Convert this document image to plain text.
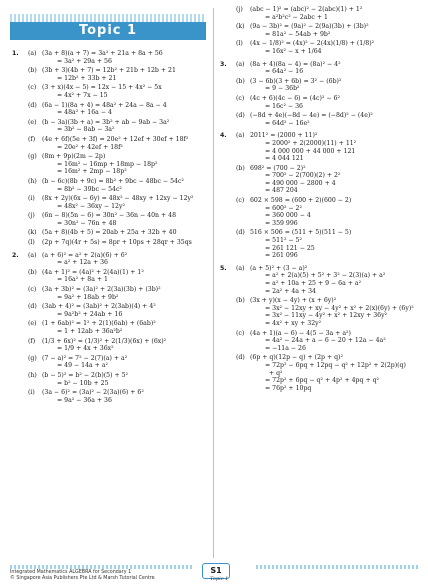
Topic 1
1.	(a) (3a + 8)(a + 7) = 3a² + 21a + 8a + 56
= 3a² + 29a + 56
(b) (3b + 3)(4b + 7) = 12b² + 21b + 12b + 21
= 12b² + 33b + 21
(c) (3 + x)(4x − 5) = 12x − 15 + 4x² − 5x
= 4x² + 7x − 15
(d) (6a − 1)(8a + 4) = 48a² + 24a − 8a − 4
= 48a² + 16a − 4
(e) (b − 3a)(3b + a) = 3b² + ab − 9ab − 3a²
= 3b² − 8ab − 3a²
(f)	(4e + 6f)(5e + 3f) = 20e² + 12ef + 30ef + 18f²
= 20e² + 42ef + 18f²
(g) (8m + 9p)(2m − 2p)
= 16m² − 16mp + 18mp − 18p²
= 16m² + 2mp − 18p²
(h) (b − 6c)(8b + 9c) = 8b² + 9bc − 48bc − 54c²
= 8b² − 39bc − 54c²
(i)	(8x + 2y)(6x − 6y) = 48x² − 48xy + 12xy − 12y²
= 48x² − 36xy − 12y²
(j)	(6n − 8)(5n − 6) = 30n² − 36n − 40n + 48
= 30n² − 76n + 48
(k) (5a + 8)(4b + 5) = 20ab + 25a + 32b + 40
(l)	(2p + 7q)(4r + 5s) = 8pr + 10ps + 28qr + 35qs
2.	(a) (a + 6)² = a² + 2(a)(6) + 6²
= a² + 12a + 36
(b) (4a + 1)² = (4a)² + 2(4a)(1) + 1²
= 16a² + 8a + 1
(c) (3a + 3b)² = (3a)² + 2(3a)(3b) + (3b)²
= 9a² + 18ab + 9b²
(d) (3ab + 4)² = (3ab)² + 2(3ab)(4) + 4²
= 9a²b² + 24ab + 16
(e) (1 + 6ab)² = 1² + 2(1)(6ab) + (6ab)²
= 1 + 12ab + 36a²b²
(f)	(1/3 + 6x)² = (1/3)² + 2(1/3)(6x) + (6x)²
= 1/9 + 4x + 36x²
(g) (7 − a)² = 7² − 2(7)(a) + a²
= 49 − 14a + a²
(h) (b − 5)² = b² − 2(b)(5) + 5²
= b² − 10b + 25
(i)	(3a − 6)² = (3a)² − 2(3a)(6) + 6²
= 9a² − 36a + 36
(j)	(abc − 1)² = (abc)² − 2(abc)(1) + 1²
= a²b²c² − 2abc + 1
(k) (9a − 3b)² = (9a)² − 2(9a)(3b) + (3b)²
= 81a² − 54ab + 9b²
(l)	(4x − 1/8)² = (4x)² − 2(4x)(1/8) + (1/8)²
= 16x² − x + 1/64
3.	(a) (8a + 4)(8a − 4) = (8a)² − 4²
= 64a² − 16
(b) (3 − 6b)(3 + 6b) = 3² − (6b)²
= 9 − 36b²
(c) (4c + 6)(4c − 6) = (4c)² − 6²
= 16c² − 36
(d) (−8d + 4e)(−8d − 4e) = (−8d)² − (4e)²
= 64d² − 16e²
4.	(a) 2011² = (2000 + 11)²
= 2000² + 2(2000)(11) + 11²
= 4 000 000 + 44 000 + 121
= 4 044 121
(b) 698² = (700 − 2)²
= 700² − 2(700)(2) + 2²
= 490 000 − 2800 + 4
= 487 204
(c) 602 × 598 = (600 + 2)(600 − 2)
= 600² − 2²
= 360 000 − 4
= 359 996
(d) 516 × 506 = (511 + 5)(511 − 5)
= 511² − 5²
= 261 121 − 25
= 261 096
5.	(a) (a + 5)² + (3 − a)²
= a² + 2(a)(5) + 5² + 3² − 2(3)(a) + a²
= a² + 10a + 25 + 9 − 6a + a²
= 2a² + 4a + 34
(b) (3x + y)(x − 4y) + (x + 6y)²
= 3x² − 12xy + xy − 4y² + x² + 2(x)(6y) + (6y)²
= 3x² − 11xy − 4y² + x² + 12xy + 36y²
= 4x² + xy + 32y²
(c) (4a + 1)(a − 6) − 4(5 − 3a + a²)
= 4a² − 24a + a − 6 − 20 + 12a − 4a²
= −11a − 26
(d) (6p + q)(12p − q) + (2p + q)²
= 72p² − 6pq + 12pq − q² + 12p² + 2(2p)(q)
+ q²
= 72p² + 6pq − q² + 4p² + 4pq + q²
= 76p² + 10pq
Integrated Mathematics ALGEBRA for Secondary 1
© Singapore Asia Publishers Pte Ltd & Marsh Tutorial Centre
S1
Topic 1
